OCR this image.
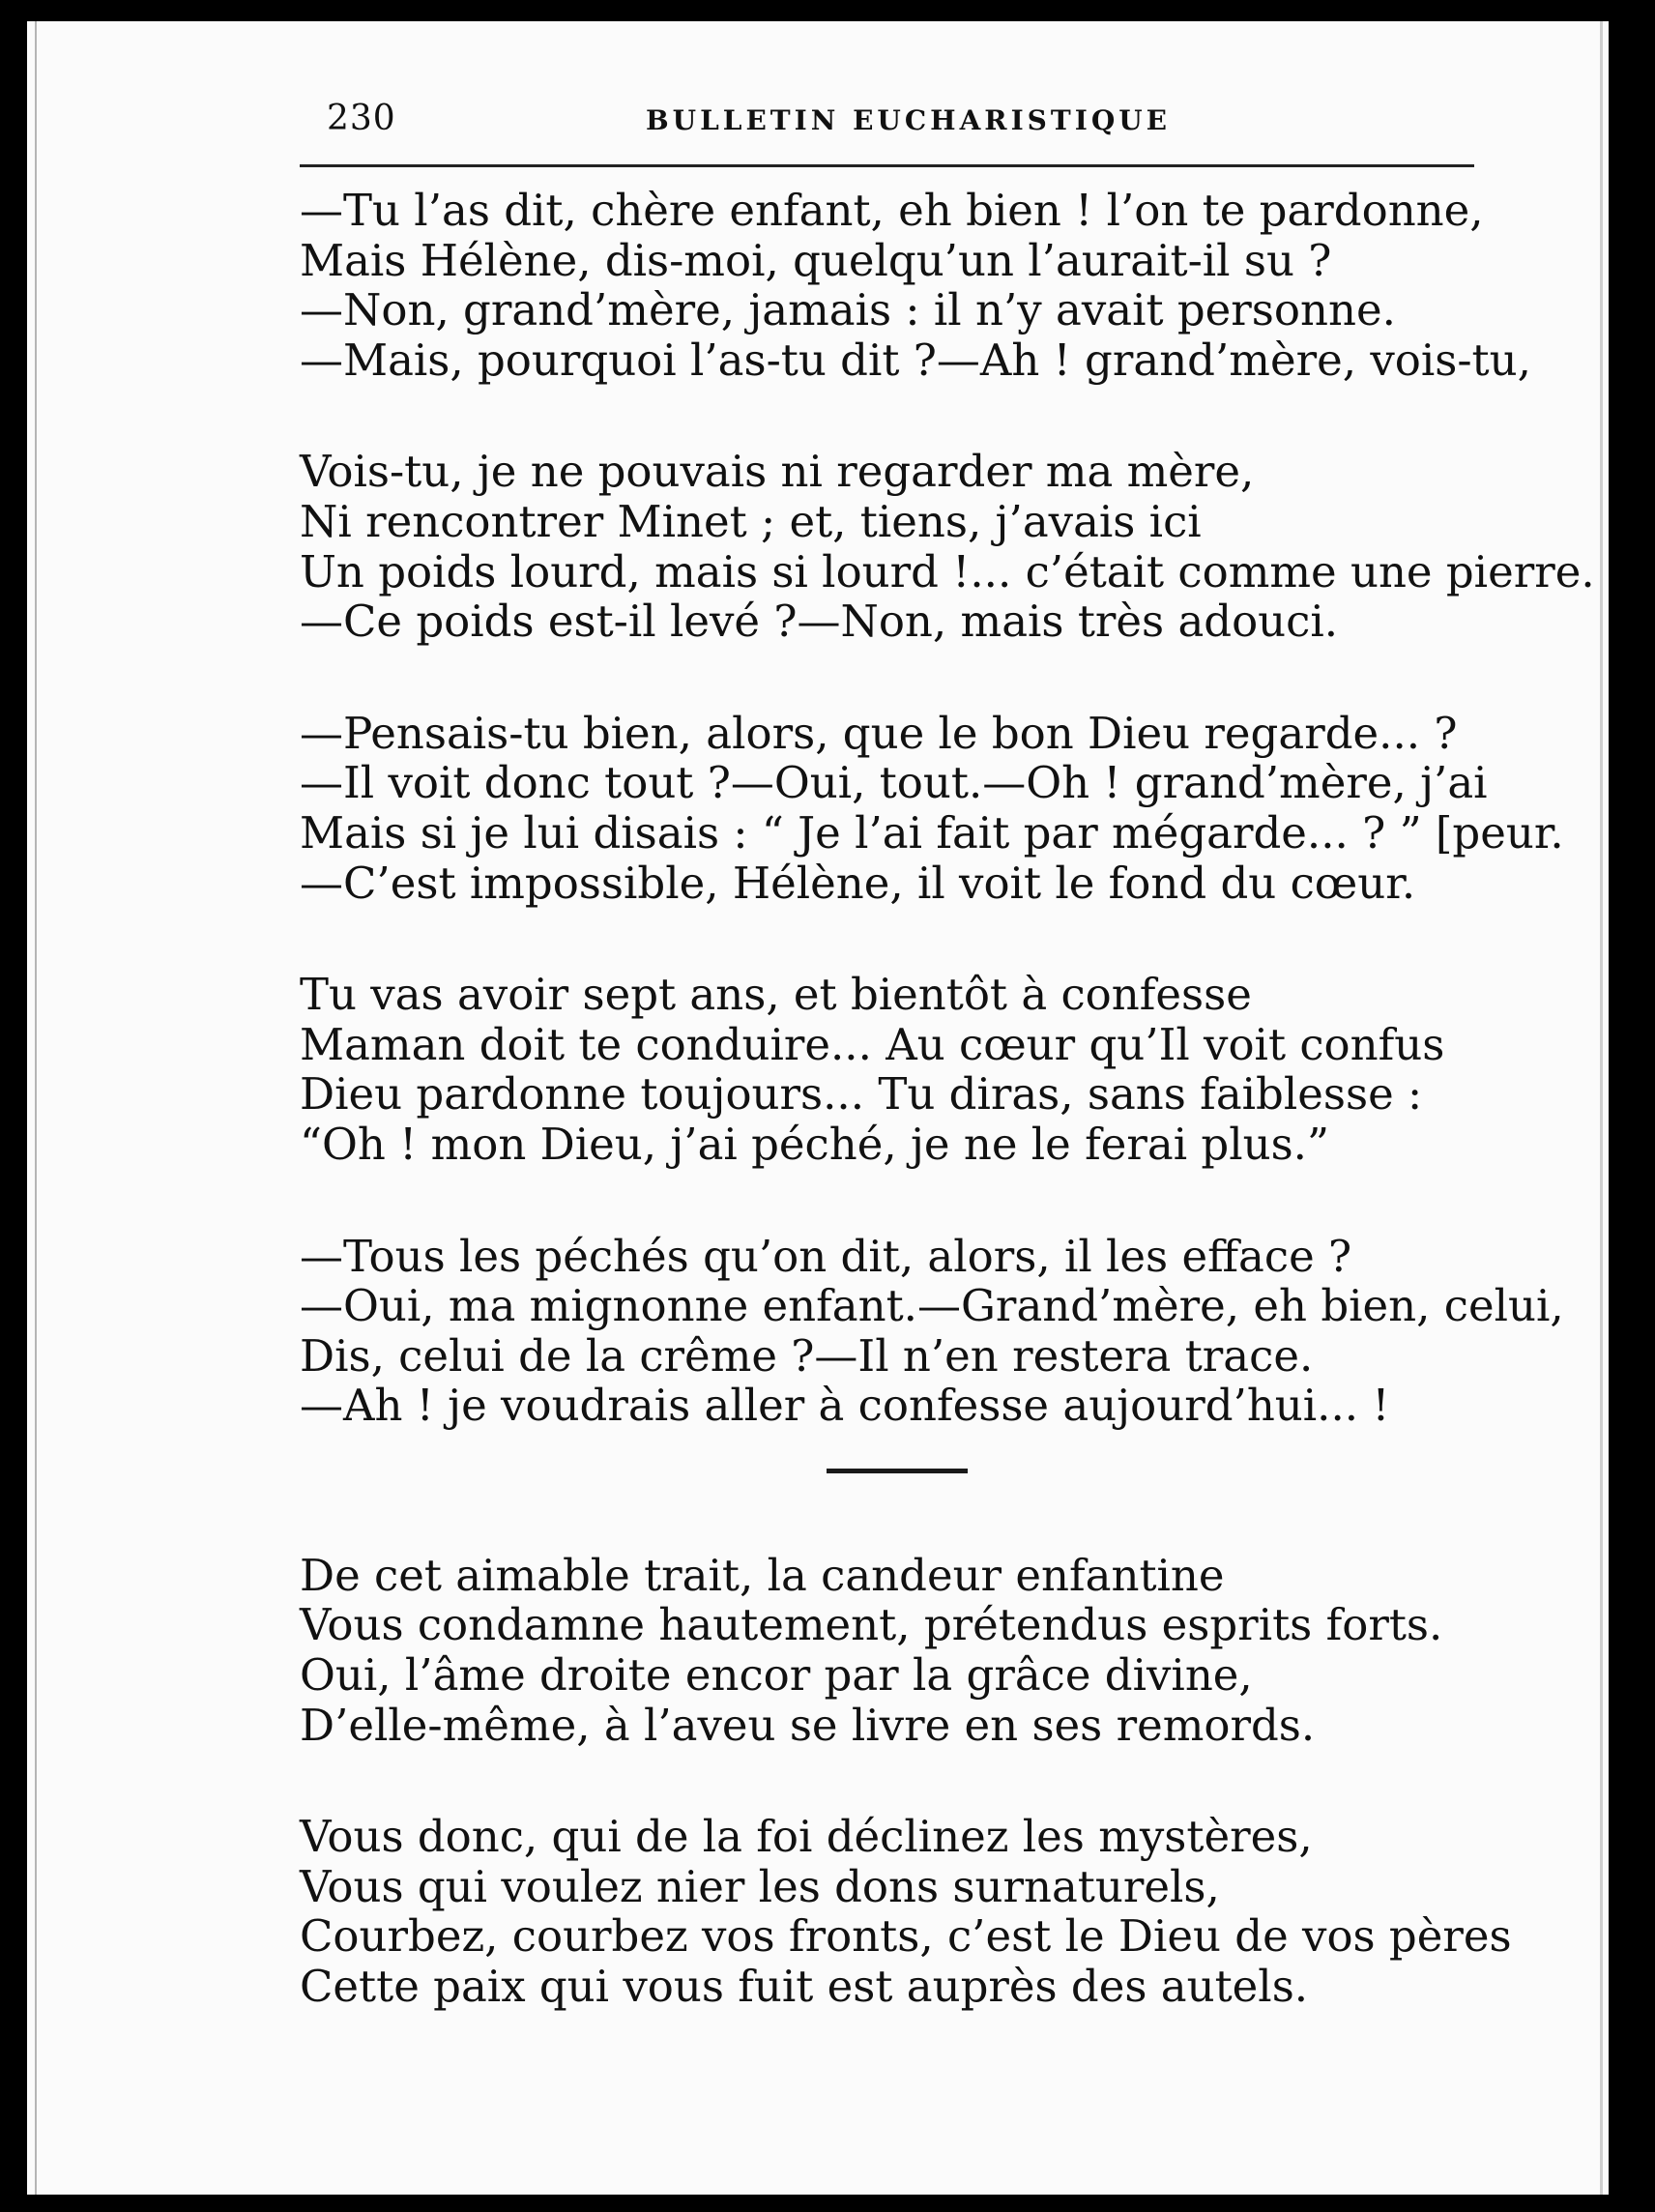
230	BULLETIN EUCHARISTIQUE
—Tu l’as dit, chère enfant, eh bien ! l’on te pardonne,
Mais Hélène, dis-moi, quelqu’un l’aurait-il su ?
—Non, grand’mère, jamais : il n’y avait personne.
—Mais, pourquoi l’as-tu dit ?—Ah ! grand’mère, vois-tu,
Vois-tu, je ne pouvais ni regarder ma mère,
Ni rencontrer Minet ; et, tiens, j’avais ici
Un poids lourd, mais si lourd !... c’était comme une pierre.
—Ce poids est-il levé ?—Non, mais très adouci.
—Pensais-tu bien, alors, que le bon Dieu regarde... ?
—Il voit donc tout ?—Oui, tout.—Oh ! grand’mère, j’ai
Mais si je lui disais : “ Je l’ai fait par mégarde... ? ” [peur.
—C’est impossible, Hélène, il voit le fond du cœur.
Tu vas avoir sept ans, et bientôt à confesse
Maman doit te conduire... Au cœur qu’Il voit confus
Dieu pardonne toujours... Tu diras, sans faiblesse :
“Oh ! mon Dieu, j’ai péché, je ne le ferai plus.”
—Tous les péchés qu’on dit, alors, il les efface ?
—Oui, ma mignonne enfant.—Grand’mère, eh bien, celui,
Dis, celui de la crême ?—Il n’en restera trace.
—Ah ! je voudrais aller à confesse aujourd’hui... !
De cet aimable trait, la candeur enfantine
Vous condamne hautement, prétendus esprits forts.
Oui, l’âme droite encor par la grâce divine,
D’elle-même, à l’aveu se livre en ses remords.
Vous donc, qui de la foi déclinez les mystères,
Vous qui voulez nier les dons surnaturels,
Courbez, courbez vos fronts, c’est le Dieu de vos pères
Cette paix qui vous fuit est auprès des autels.
